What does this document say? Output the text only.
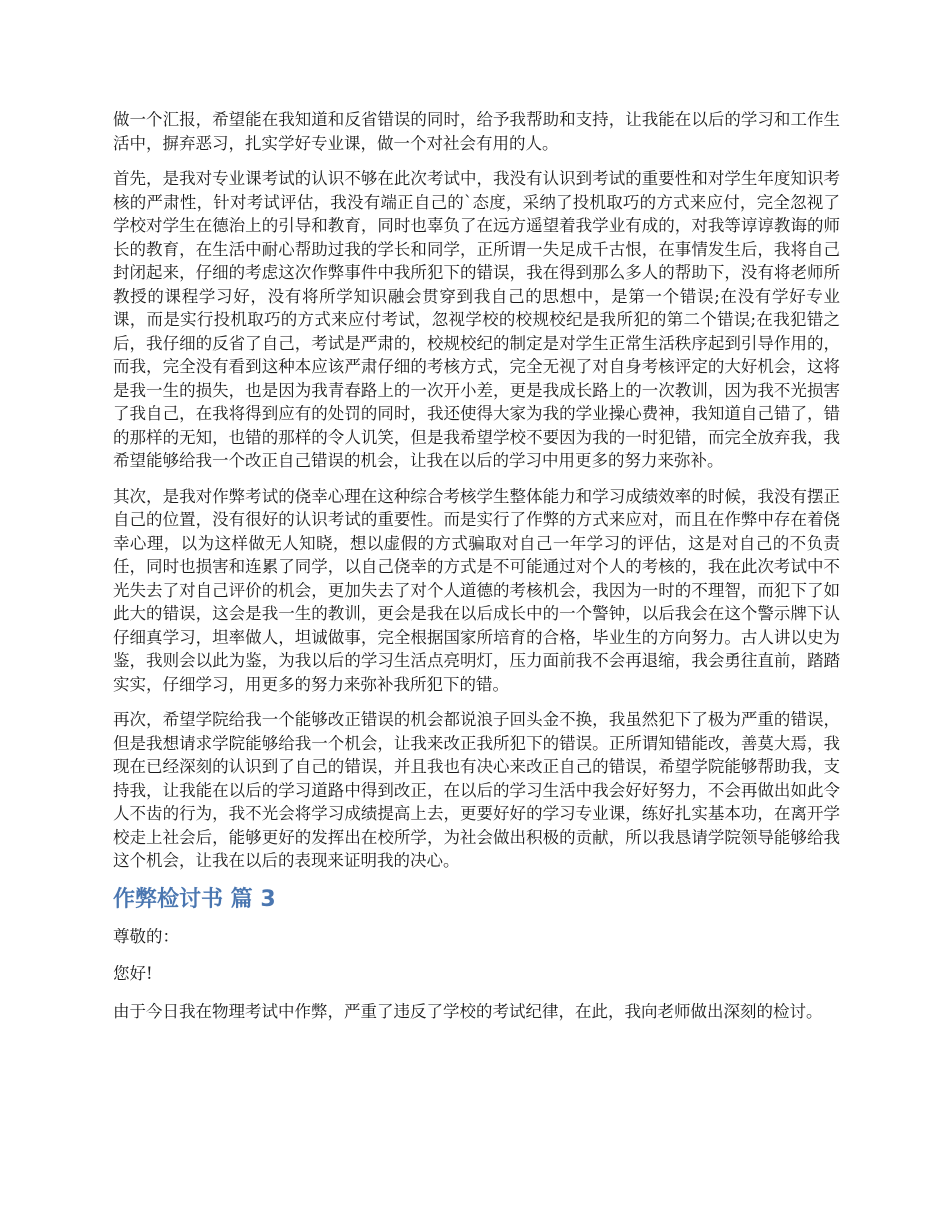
做一个汇报，希望能在我知道和反省错误的同时，给予我帮助和支持，让我能在以后的学习和工作生活中，摒弃恶习，扎实学好专业课，做一个对社会有用的人。

首先，是我对专业课考试的认识不够在此次考试中，我没有认识到考试的重要性和对学生年度知识考核的严肃性，针对考试评估，我没有端正自己的`态度，采纳了投机取巧的方式来应付，完全忽视了学校对学生在德治上的引导和教育，同时也辜负了在远方遥望着我学业有成的，对我等谆谆教诲的师长的教育，在生活中耐心帮助过我的学长和同学，正所谓一失足成千古恨，在事情发生后，我将自己封闭起来，仔细的考虑这次作弊事件中我所犯下的错误，我在得到那么多人的帮助下，没有将老师所教授的课程学习好，没有将所学知识融会贯穿到我自己的思想中，是第一个错误;在没有学好专业课，而是实行投机取巧的方式来应付考试，忽视学校的校规校纪是我所犯的第二个错误;在我犯错之后，我仔细的反省了自己，考试是严肃的，校规校纪的制定是对学生正常生活秩序起到引导作用的，而我，完全没有看到这种本应该严肃仔细的考核方式，完全无视了对自身考核评定的大好机会，这将是我一生的损失，也是因为我青春路上的一次开小差，更是我成长路上的一次教训，因为我不光损害了我自己，在我将得到应有的处罚的同时，我还使得大家为我的学业操心费神，我知道自己错了，错的那样的无知，也错的那样的令人讥笑，但是我希望学校不要因为我的一时犯错，而完全放弃我，我希望能够给我一个改正自己错误的机会，让我在以后的学习中用更多的努力来弥补。

其次，是我对作弊考试的侥幸心理在这种综合考核学生整体能力和学习成绩效率的时候，我没有摆正自己的位置，没有很好的认识考试的重要性。而是实行了作弊的方式来应对，而且在作弊中存在着侥幸心理，以为这样做无人知晓，想以虚假的方式骗取对自己一年学习的评估，这是对自己的不负责任，同时也损害和连累了同学，以自己侥幸的方式是不可能通过对个人的考核的，我在此次考试中不光失去了对自己评价的机会，更加失去了对个人道德的考核机会，我因为一时的不理智，而犯下了如此大的错误，这会是我一生的教训，更会是我在以后成长中的一个警钟，以后我会在这个警示牌下认仔细真学习，坦率做人，坦诚做事，完全根据国家所培育的合格，毕业生的方向努力。古人讲以史为鉴，我则会以此为鉴，为我以后的学习生活点亮明灯，压力面前我不会再退缩，我会勇往直前，踏踏实实，仔细学习，用更多的努力来弥补我所犯下的错。

再次，希望学院给我一个能够改正错误的机会都说浪子回头金不换，我虽然犯下了极为严重的错误，但是我想请求学院能够给我一个机会，让我来改正我所犯下的错误。正所谓知错能改，善莫大焉，我现在已经深刻的认识到了自己的错误，并且我也有决心来改正自己的错误，希望学院能够帮助我，支持我，让我能在以后的学习道路中得到改正，在以后的学习生活中我会好好努力，不会再做出如此令人不齿的行为，我不光会将学习成绩提高上去，更要好好的学习专业课，练好扎实基本功，在离开学校走上社会后，能够更好的发挥出在校所学，为社会做出积极的贡献，所以我恳请学院领导能够给我这个机会，让我在以后的表现来证明我的决心。

作弊检讨书 篇 3

尊敬的：

您好!

由于今日我在物理考试中作弊，严重了违反了学校的考试纪律，在此，我向老师做出深刻的检讨。
